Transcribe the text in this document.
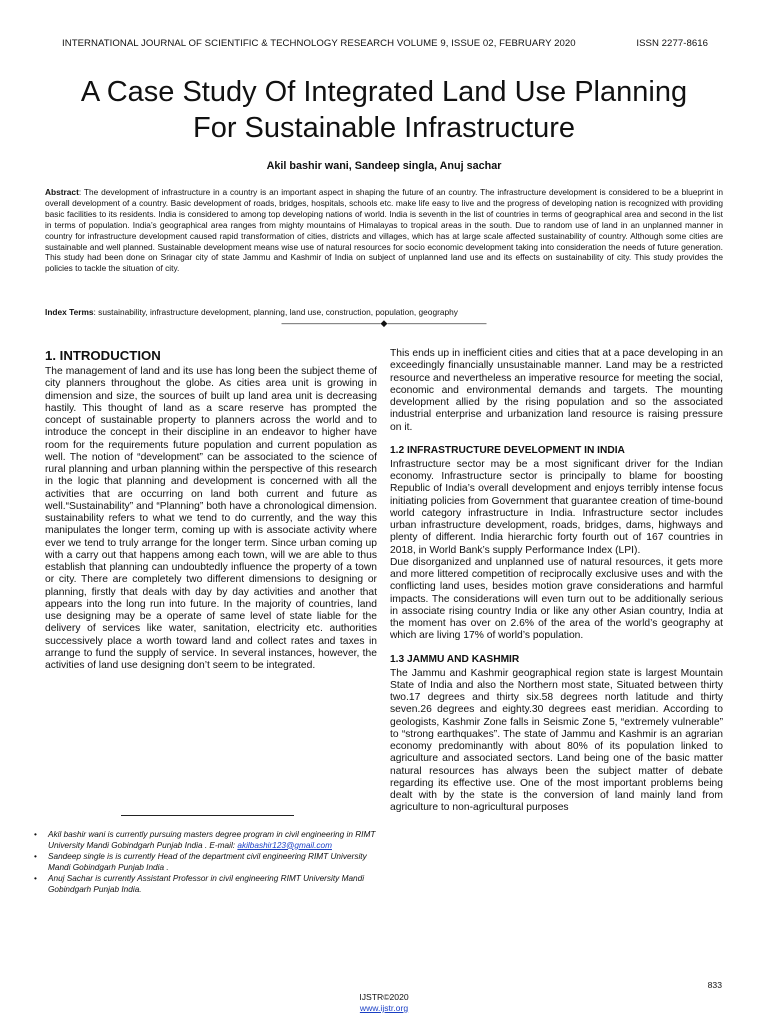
INTERNATIONAL JOURNAL OF SCIENTIFIC & TECHNOLOGY RESEARCH VOLUME 9, ISSUE 02, FEBRUARY 2020	ISSN 2277-8616
A Case Study Of Integrated Land Use Planning
For Sustainable Infrastructure
Akil bashir wani, Sandeep singla, Anuj sachar

Abstract: The development of infrastructure in a country is an important aspect in shaping the future of an country. The infrastructure development is considered to be a blueprint in overall development of a country. Basic development of roads, bridges, hospitals, schools etc. make life easy to live and the progress of developing nation is recognized with providing basic facilities to its residents. India is considered to among top developing nations of world. India is seventh in the list of countries in terms of geographical area and second in the list in terms of population. India’s geographical area ranges from mighty mountains of Himalayas to tropical areas in the south. Due to random use of land in an unplanned manner in country for infrastructure development caused rapid transformation of cities, districts and villages, which has at large scale affected sustainability of country. Although some cities are sustainable and well planned. Sustainable development means wise use of natural resources for socio economic development taking into consideration the needs of future generation. This study had been done on Srinagar city of state Jammu and Kashmir of India on subject of unplanned land use and its effects on sustainability of city. This study provides the policies to tackle the situation of city.

Index Terms: sustainability, infrastructure development, planning, land use, construction, population, geography

———————————◆———————————
1. INTRODUCTION

The management of land and its use has long been the subject theme of city planners throughout the globe. As cities area unit is growing in dimension and size, the sources of built up land area unit is decreasing hastily. This thought of land as a scare reserve has prompted the concept of sustainable property to planners across the world and to introduce the concept in their discipline in an endeavor to higher have room for the requirements future population and current population as well. The notion of “development” can be associated to the science of rural planning and urban planning within the perspective of this research in the logic that planning and development is concerned with all the activities that are occurring on land both current and future as well.“Sustainability” and “Planning” both have a chronological dimension. sustainability refers to what we tend to do currently, and the way this manipulates the longer term, coming up with is associate activity where ever we tend to truly arrange for the longer term. Since urban coming up with a carry out that happens among each town, will we are able to thus establish that planning can undoubtedly influence the property of a town or city. There are completely two different dimensions to designing or planning, firstly that deals with day by day activities and another that appears into the long run into future. In the majority of countries, land use designing may be a operate of same level of state liable for the delivery of services like water, sanitation, electricity etc. authorities successively place a worth toward land and collect rates and taxes in arrange to fund the supply of service. In several instances, however, the activities of land use designing don’t seem to be integrated.

This ends up in inefficient cities and cities that at a pace developing in an exceedingly financially unsustainable manner. Land may be a restricted resource and nevertheless an imperative resource for meeting the social, economic and environmental demands and targets. The mounting development allied by the rising population and so the associated industrial enterprise and urbanization land resource is raising pressure on it.

1.2 INFRASTRUCTURE DEVELOPMENT IN INDIA

Infrastructure sector may be a most significant driver for the Indian economy. Infrastructure sector is principally to blame for boosting Republic of India’s overall development and enjoys terribly intense focus initiating policies from Government that guarantee creation of time-bound world category infrastructure in India. Infrastructure sector includes urban infrastructure development, roads, bridges, dams, highways and plenty of different. India hierarchic forty fourth out of 167 countries in 2018, in World Bank’s supply Performance Index (LPI).

Due disorganized and unplanned use of natural resources, it gets more and more littered competition of reciprocally exclusive uses and with the conflicting land uses, besides motion grave considerations and harmful impacts. The considerations will even turn out to be additionally serious in associate rising country India or like any other Asian country, India at the moment has over on 2.6% of the area of the world’s geography at which are living 17% of world’s population.

1.3 JAMMU AND KASHMIR

The Jammu and Kashmir geographical region state is largest Mountain State of India and also the Northern most state, Situated between thirty two.17 degrees and thirty six.58 degrees north latitude and thirty seven.26 degrees and eighty.30 degrees east meridian. According to geologists, Kashmir Zone falls in Seismic Zone 5, “extremely vulnerable” to “strong earthquakes”. The state of Jammu and Kashmir is an agrarian economy predominantly with about 80% of its population linked to agriculture and associated sectors. Land being one of the basic matter natural resources has always been the subject matter of debate regarding its effective use. One of the most important problems being dealt with by the state is the conversion of land mainly land from agriculture to non-agricultural purposes

• Akil bashir wani is currently pursuing masters degree program in civil engineering in RIMT University Mandi Gobindgarh Punjab India . E-mail: akilbashir123@gmail.com
• Sandeep single is is currently Head of the department civil engineering RIMT University Mandi Gobindgarh Punjab India .
• Anuj Sachar is currently Assistant Professor in civil engineering RIMT University Mandi Gobindgarh Punjab India.
833
IJSTR©2020
www.ijstr.org
